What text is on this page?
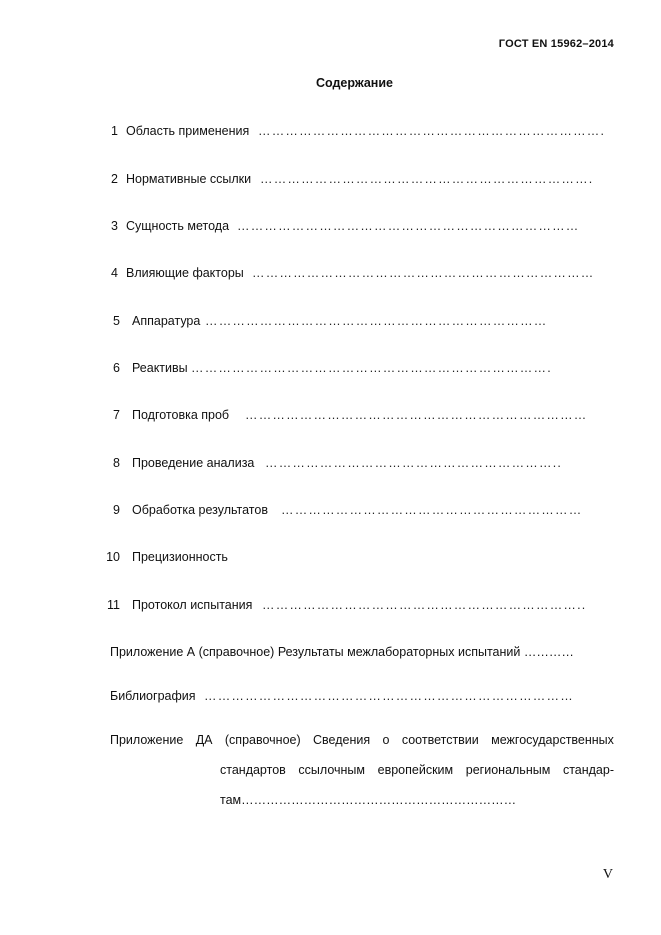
ГОСТ EN 15962–2014
Содержание
1 Область применения ………………………………………………………………….
2 Нормативные ссылки ……………………………………………………………….
3 Сущность метода …………………………………………………………………
4 Влияющие факторы …………………………………………………………………
5 Аппаратура …………………………………………………………………
6 Реактивы …………………………………………………………………….
7 Подготовка проб …………………………………………………………………
8 Проведение анализа ………………………………………………………..
9 Обработка результатов …………………………………………………………
10 Прецизионность
11 Протокол испытания ……………………………………………………………..
Приложение А (справочное) Результаты межлабораторных испытаний …………
Библиография ………………………………………………………………………
Приложение ДА (справочное) Сведения о соответствии межгосударственных
стандартов ссылочным европейским региональным стандар-
там…………………………………………………………
V
